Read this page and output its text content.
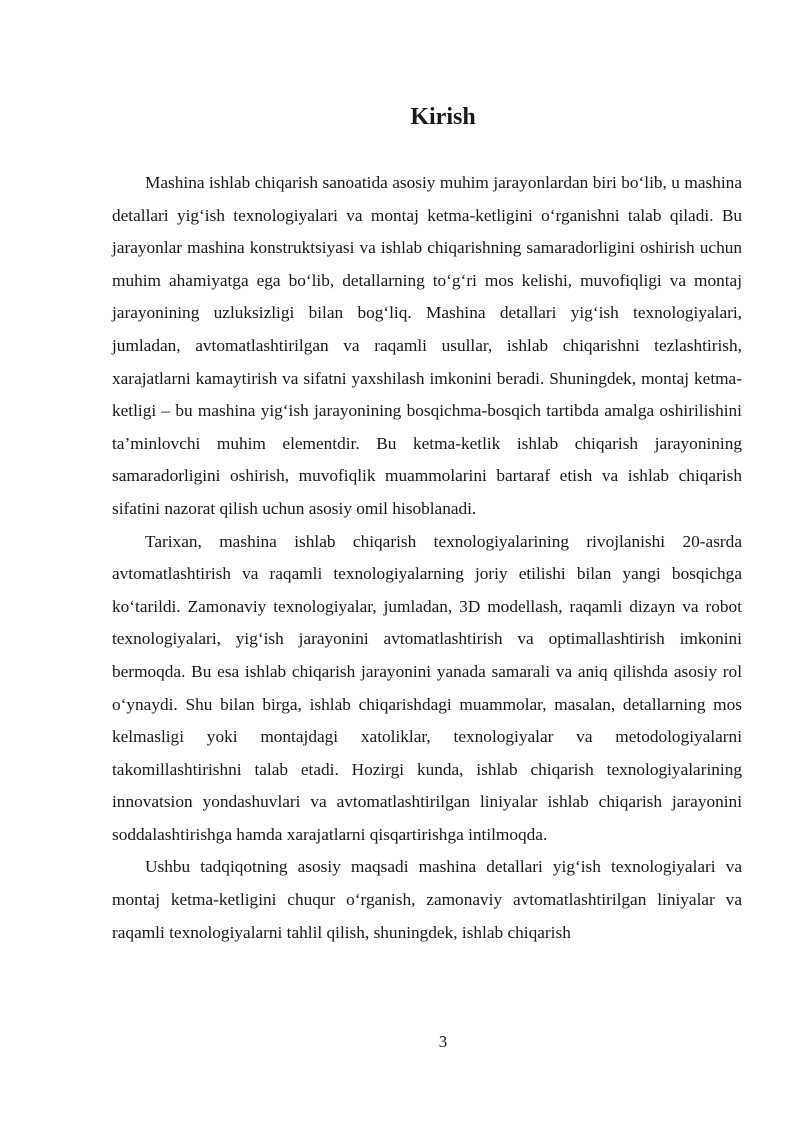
Kirish

Mashina ishlab chiqarish sanoatida asosiy muhim jarayonlardan biri bo‘lib, u mashina detallari yig‘ish texnologiyalari va montaj ketma-ketligini o‘rganishni talab qiladi. Bu jarayonlar mashina konstruktsiyasi va ishlab chiqarishning samaradorligini oshirish uchun muhim ahamiyatga ega bo‘lib, detallarning to‘g‘ri mos kelishi, muvofiqligi va montaj jarayonining uzluksizligi bilan bog‘liq. Mashina detallari yig‘ish texnologiyalari, jumladan, avtomatlashtirilgan va raqamli usullar, ishlab chiqarishni tezlashtirish, xarajatlarni kamaytirish va sifatni yaxshilash imkonini beradi. Shuningdek, montaj ketma-ketligi – bu mashina yig‘ish jarayonining bosqichma-bosqich tartibda amalga oshirilishini ta’minlovchi muhim elementdir. Bu ketma-ketlik ishlab chiqarish jarayonining samaradorligini oshirish, muvofiqlik muammolarini bartaraf etish va ishlab chiqarish sifatini nazorat qilish uchun asosiy omil hisoblanadi.

Tarixan, mashina ishlab chiqarish texnologiyalarining rivojlanishi 20-asrda avtomatlashtirish va raqamli texnologiyalarning joriy etilishi bilan yangi bosqichga ko‘tarildi. Zamonaviy texnologiyalar, jumladan, 3D modellash, raqamli dizayn va robot texnologiyalari, yig‘ish jarayonini avtomatlashtirish va optimallashtirish imkonini bermoqda. Bu esa ishlab chiqarish jarayonini yanada samarali va aniq qilishda asosiy rol o‘ynaydi. Shu bilan birga, ishlab chiqarishdagi muammolar, masalan, detallarning mos kelmasligi yoki montajdagi xatoliklar, texnologiyalar va metodologiyalarni takomillashtirishni talab etadi. Hozirgi kunda, ishlab chiqarish texnologiyalarining innovatsion yondashuvlari va avtomatlashtirilgan liniyalar ishlab chiqarish jarayonini soddalashtirishga hamda xarajatlarni qisqartirishga intilmoqda.

Ushbu tadqiqotning asosiy maqsadi mashina detallari yig‘ish texnologiyalari va montaj ketma-ketligini chuqur o‘rganish, zamonaviy avtomatlashtirilgan liniyalar va raqamli texnologiyalarni tahlil qilish, shuningdek, ishlab chiqarish

3
